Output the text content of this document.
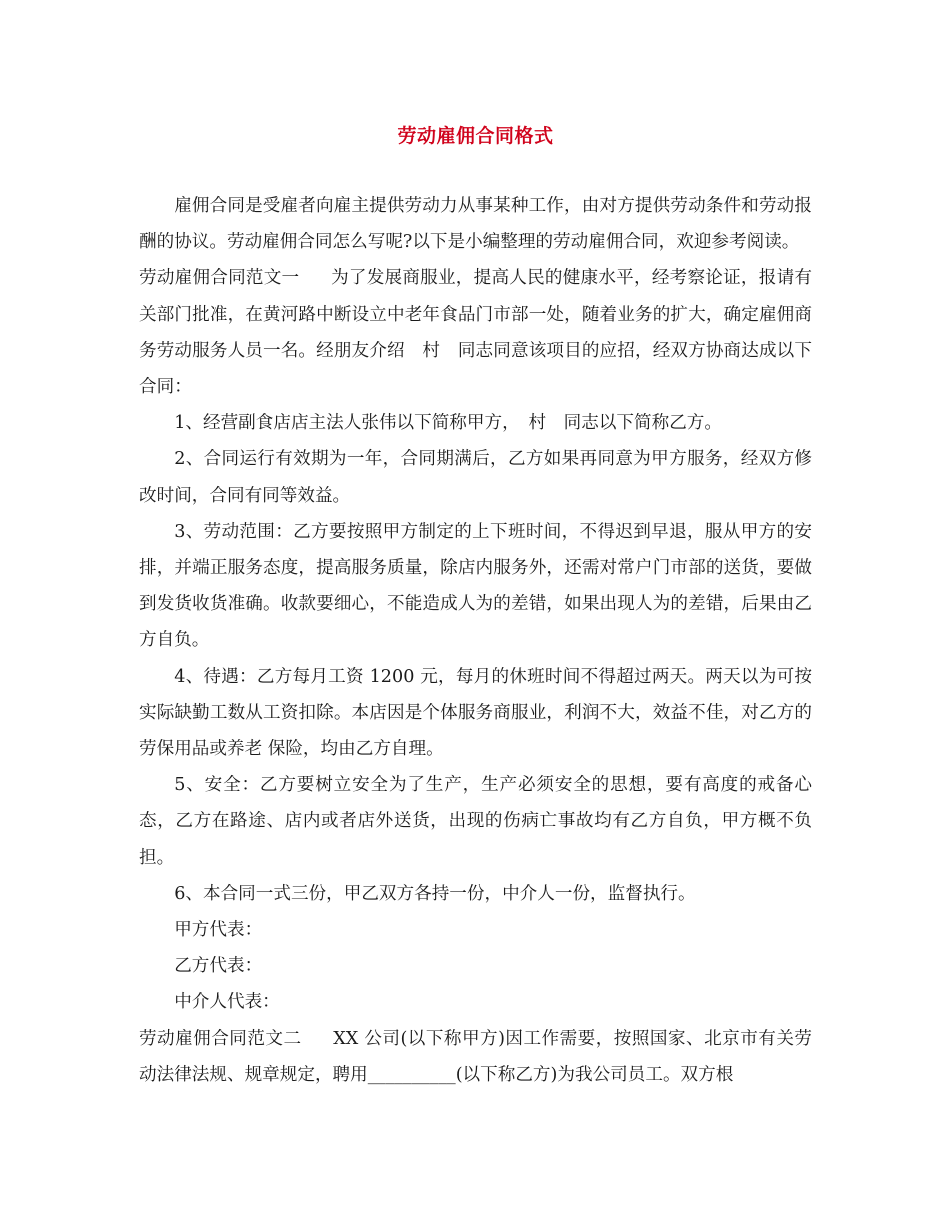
劳动雇佣合同格式

雇佣合同是受雇者向雇主提供劳动力从事某种工作，由对方提供劳动条件和劳动报酬的协议。劳动雇佣合同怎么写呢?以下是小编整理的劳动雇佣合同，欢迎参考阅读。

劳动雇佣合同范文一 为了发展商服业，提高人民的健康水平，经考察论证，报请有关部门批准，在黄河路中断设立中老年食品门市部一处，随着业务的扩大，确定雇佣商务劳动服务人员一名。经朋友介绍　村　同志同意该项目的应招，经双方协商达成以下合同：

1、经营副食店店主法人张伟以下简称甲方，　村　同志以下简称乙方。

2、合同运行有效期为一年，合同期满后，乙方如果再同意为甲方服务，经双方修改时间，合同有同等效益。

3、劳动范围：乙方要按照甲方制定的上下班时间，不得迟到早退，服从甲方的安排，并端正服务态度，提高服务质量，除店内服务外，还需对常户门市部的送货，要做到发货收货准确。收款要细心，不能造成人为的差错，如果出现人为的差错，后果由乙方自负。

4、待遇：乙方每月工资 1200 元，每月的休班时间不得超过两天。两天以为可按实际缺勤工数从工资扣除。本店因是个体服务商服业，利润不大，效益不佳，对乙方的劳保用品或养老 保险，均由乙方自理。

5、安全：乙方要树立安全为了生产，生产必须安全的思想，要有高度的戒备心态，乙方在路途、店内或者店外送货，出现的伤病亡事故均有乙方自负，甲方概不负担。

6、本合同一式三份，甲乙双方各持一份，中介人一份，监督执行。

甲方代表：

乙方代表：

中介人代表：

劳动雇佣合同范文二 XX 公司(以下称甲方)因工作需要，按照国家、北京市有关劳动法律法规、规章规定，聘用__________(以下称乙方)为我公司员工。双方根
